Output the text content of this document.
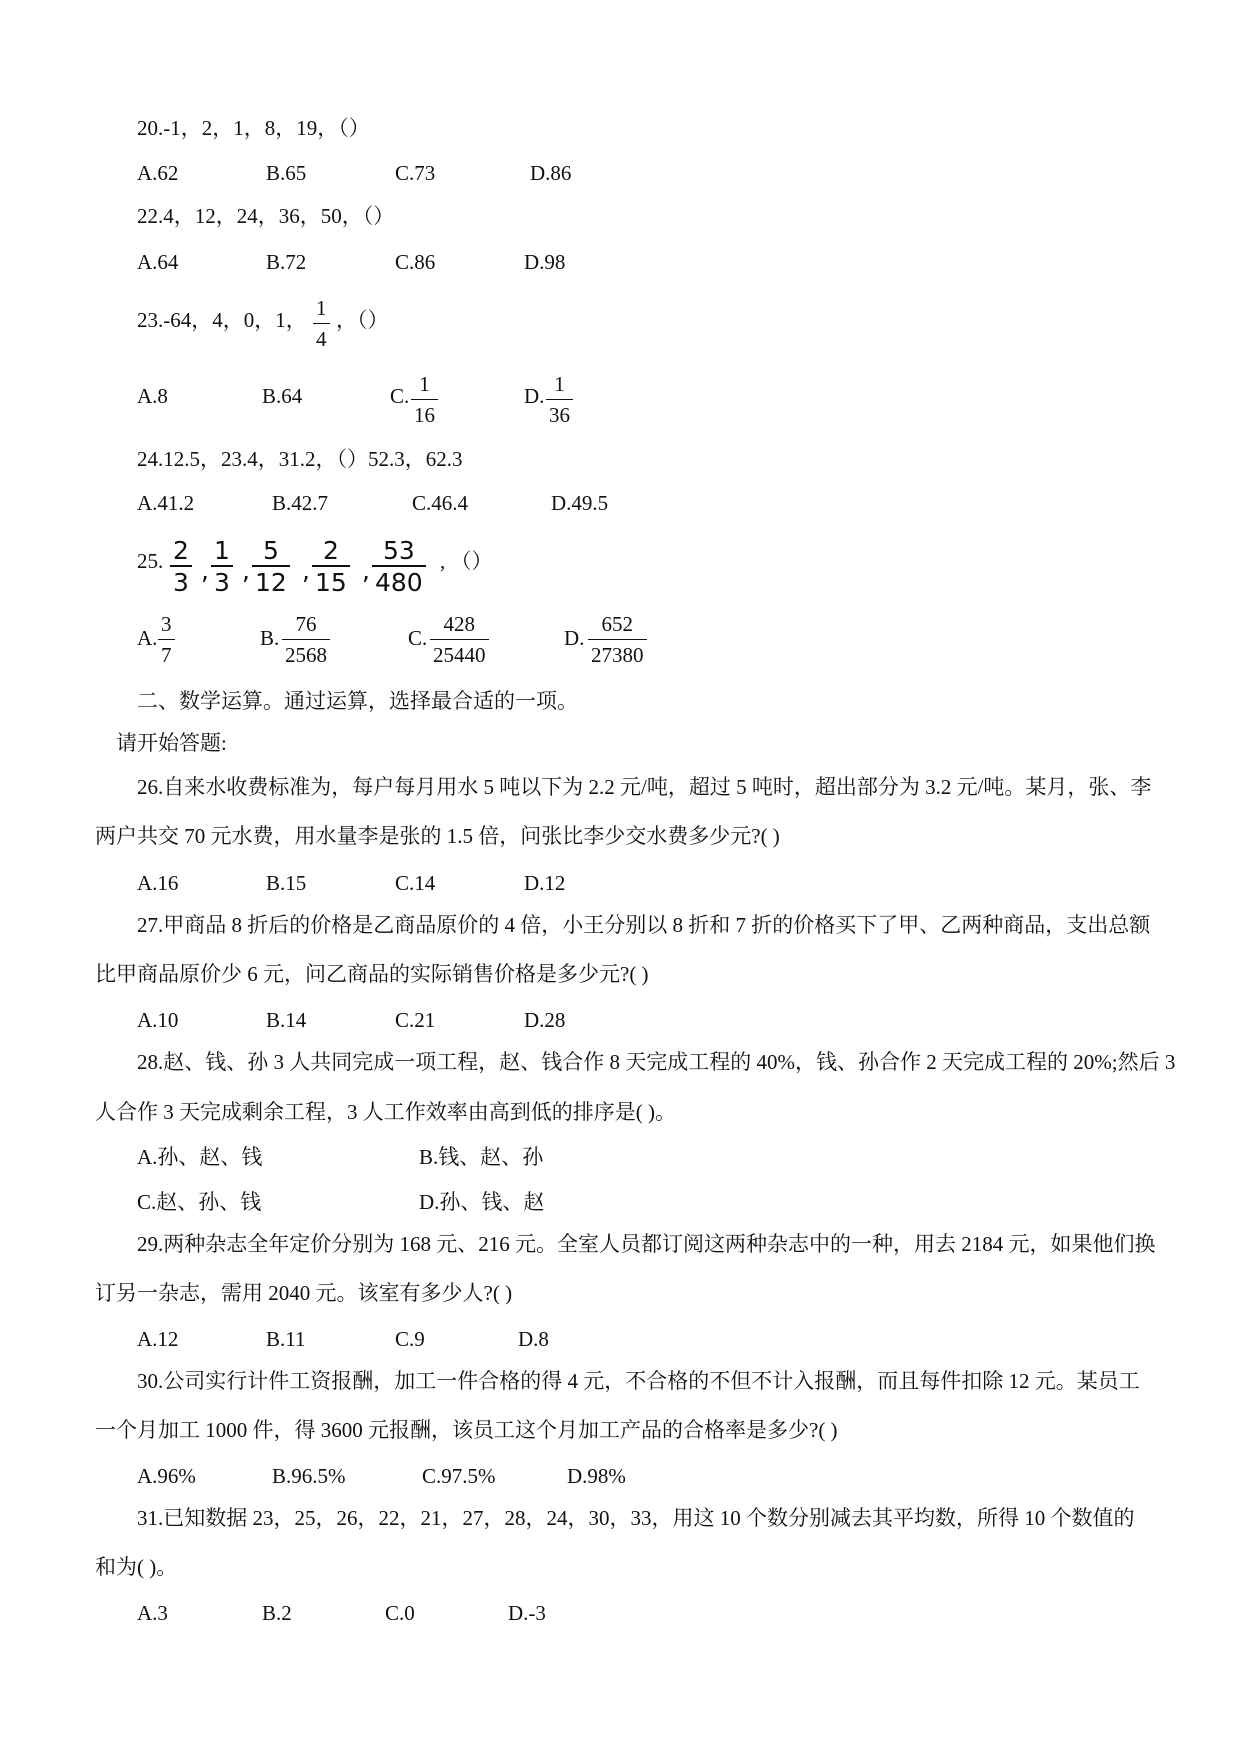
20.-1，2，1，8，19，（）
A.62	B.65	C.73	D.86
22.4，12，24，36，50，（）
A.64	B.72	C.86	D.98
23.-64，4，0，1， $\frac{1}{4}$ ，（）
A.8	B.64	C. $\frac{1}{16}$	D. $\frac{1}{36}$
24.12.5，23.4，31.2，（）52.3，62.3
A.41.2	B.42.7	C.46.4	D.49.5
25. $\frac{2}{3}$ , $\frac{1}{3}$ , $\frac{5}{12}$ , $\frac{2}{15}$ , $\frac{53}{480}$ , （）
A. $\frac{3}{7}$	B. $\frac{76}{2568}$	C. $\frac{428}{25440}$	D. $\frac{652}{27380}$
二、数学运算。通过运算，选择最合适的一项。
请开始答题:
26.自来水收费标准为，每户每月用水 5 吨以下为 2.2 元/吨，超过 5 吨时，超出部分为 3.2 元/吨。某月，张、李
两户共交 70 元水费，用水量李是张的 1.5 倍，问张比李少交水费多少元?( )
A.16	B.15	C.14	D.12
27.甲商品 8 折后的价格是乙商品原价的 4 倍，小王分别以 8 折和 7 折的价格买下了甲、乙两种商品，支出总额
比甲商品原价少 6 元，问乙商品的实际销售价格是多少元?( )
A.10	B.14	C.21	D.28
28.赵、钱、孙 3 人共同完成一项工程，赵、钱合作 8 天完成工程的 40%，钱、孙合作 2 天完成工程的 20%;然后 3
人合作 3 天完成剩余工程，3 人工作效率由高到低的排序是( )。
A.孙、赵、钱	B.钱、赵、孙
C.赵、孙、钱	D.孙、钱、赵
29.两种杂志全年定价分别为 168 元、216 元。全室人员都订阅这两种杂志中的一种，用去 2184 元，如果他们换
订另一杂志，需用 2040 元。该室有多少人?( )
A.12	B.11	C.9	D.8
30.公司实行计件工资报酬，加工一件合格的得 4 元，不合格的不但不计入报酬，而且每件扣除 12 元。某员工
一个月加工 1000 件，得 3600 元报酬，该员工这个月加工产品的合格率是多少?( )
A.96%	B.96.5%	C.97.5%	D.98%
31.已知数据 23，25，26，22，21，27，28，24，30，33，用这 10 个数分别减去其平均数，所得 10 个数值的
和为( )。
A.3	B.2	C.0	D.-3
